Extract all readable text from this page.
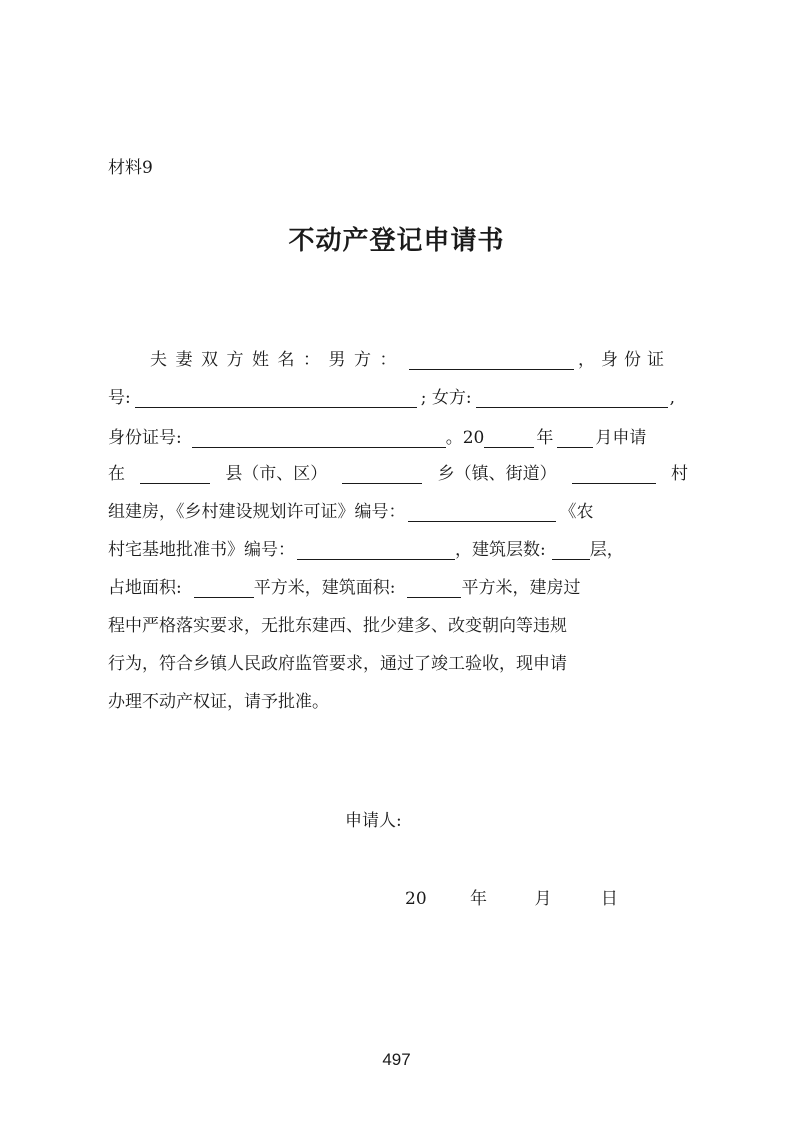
材料9
不动产登记申请书
夫妻双方姓名：男方：	，身份证
号:	; 女方:	,
身份证号:	。20	年 月申请
在	县（市、区）	乡（镇、街道）	村
组建房，《乡村建设规划许可证》编号：	《农
村宅基地批准书》编号：	，建筑层数:	层，
占地面积:	平方米，建筑面积:	平方米，建房过
程中严格落实要求，无批东建西、批少建多、改变朝向等违规
行为，符合乡镇人民政府监管要求，通过了竣工验收，现申请
办理不动产权证，请予批准。
申请人:
20	年	月	日
497
